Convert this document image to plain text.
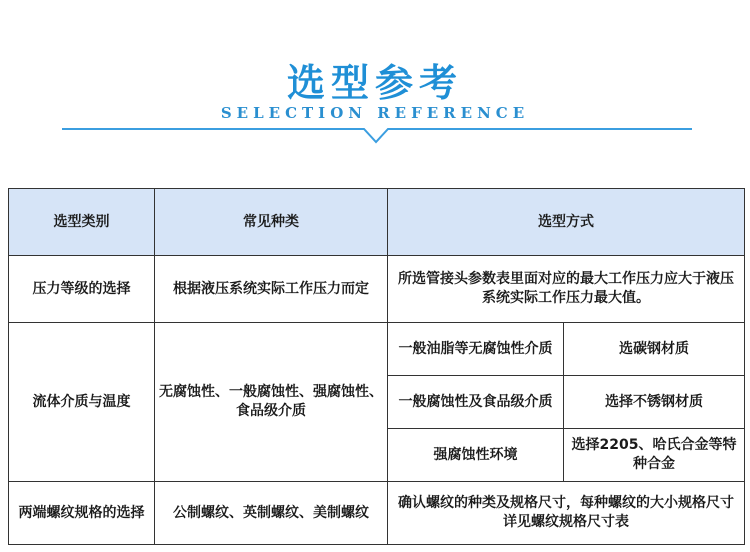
选型参考
SELECTION REFERENCE
选型类别	常见种类	选型方式	
压力等级的选择	根据液压系统实际工作压力而定	所选管接头参数表里面对应的最大工作压力应大于液压系统实际工作压力最大值。	
流体介质与温度	无腐蚀性、一般腐蚀性、强腐蚀性、食品级介质	一般油脂等无腐蚀性介质	选碳钢材质
		一般腐蚀性及食品级介质	选择不锈钢材质
		强腐蚀性环境	选择2205、哈氏合金等特种合金
两端螺纹规格的选择	公制螺纹、英制螺纹、美制螺纹	确认螺纹的种类及规格尺寸，每种螺纹的大小规格尺寸详见螺纹规格尺寸表	
